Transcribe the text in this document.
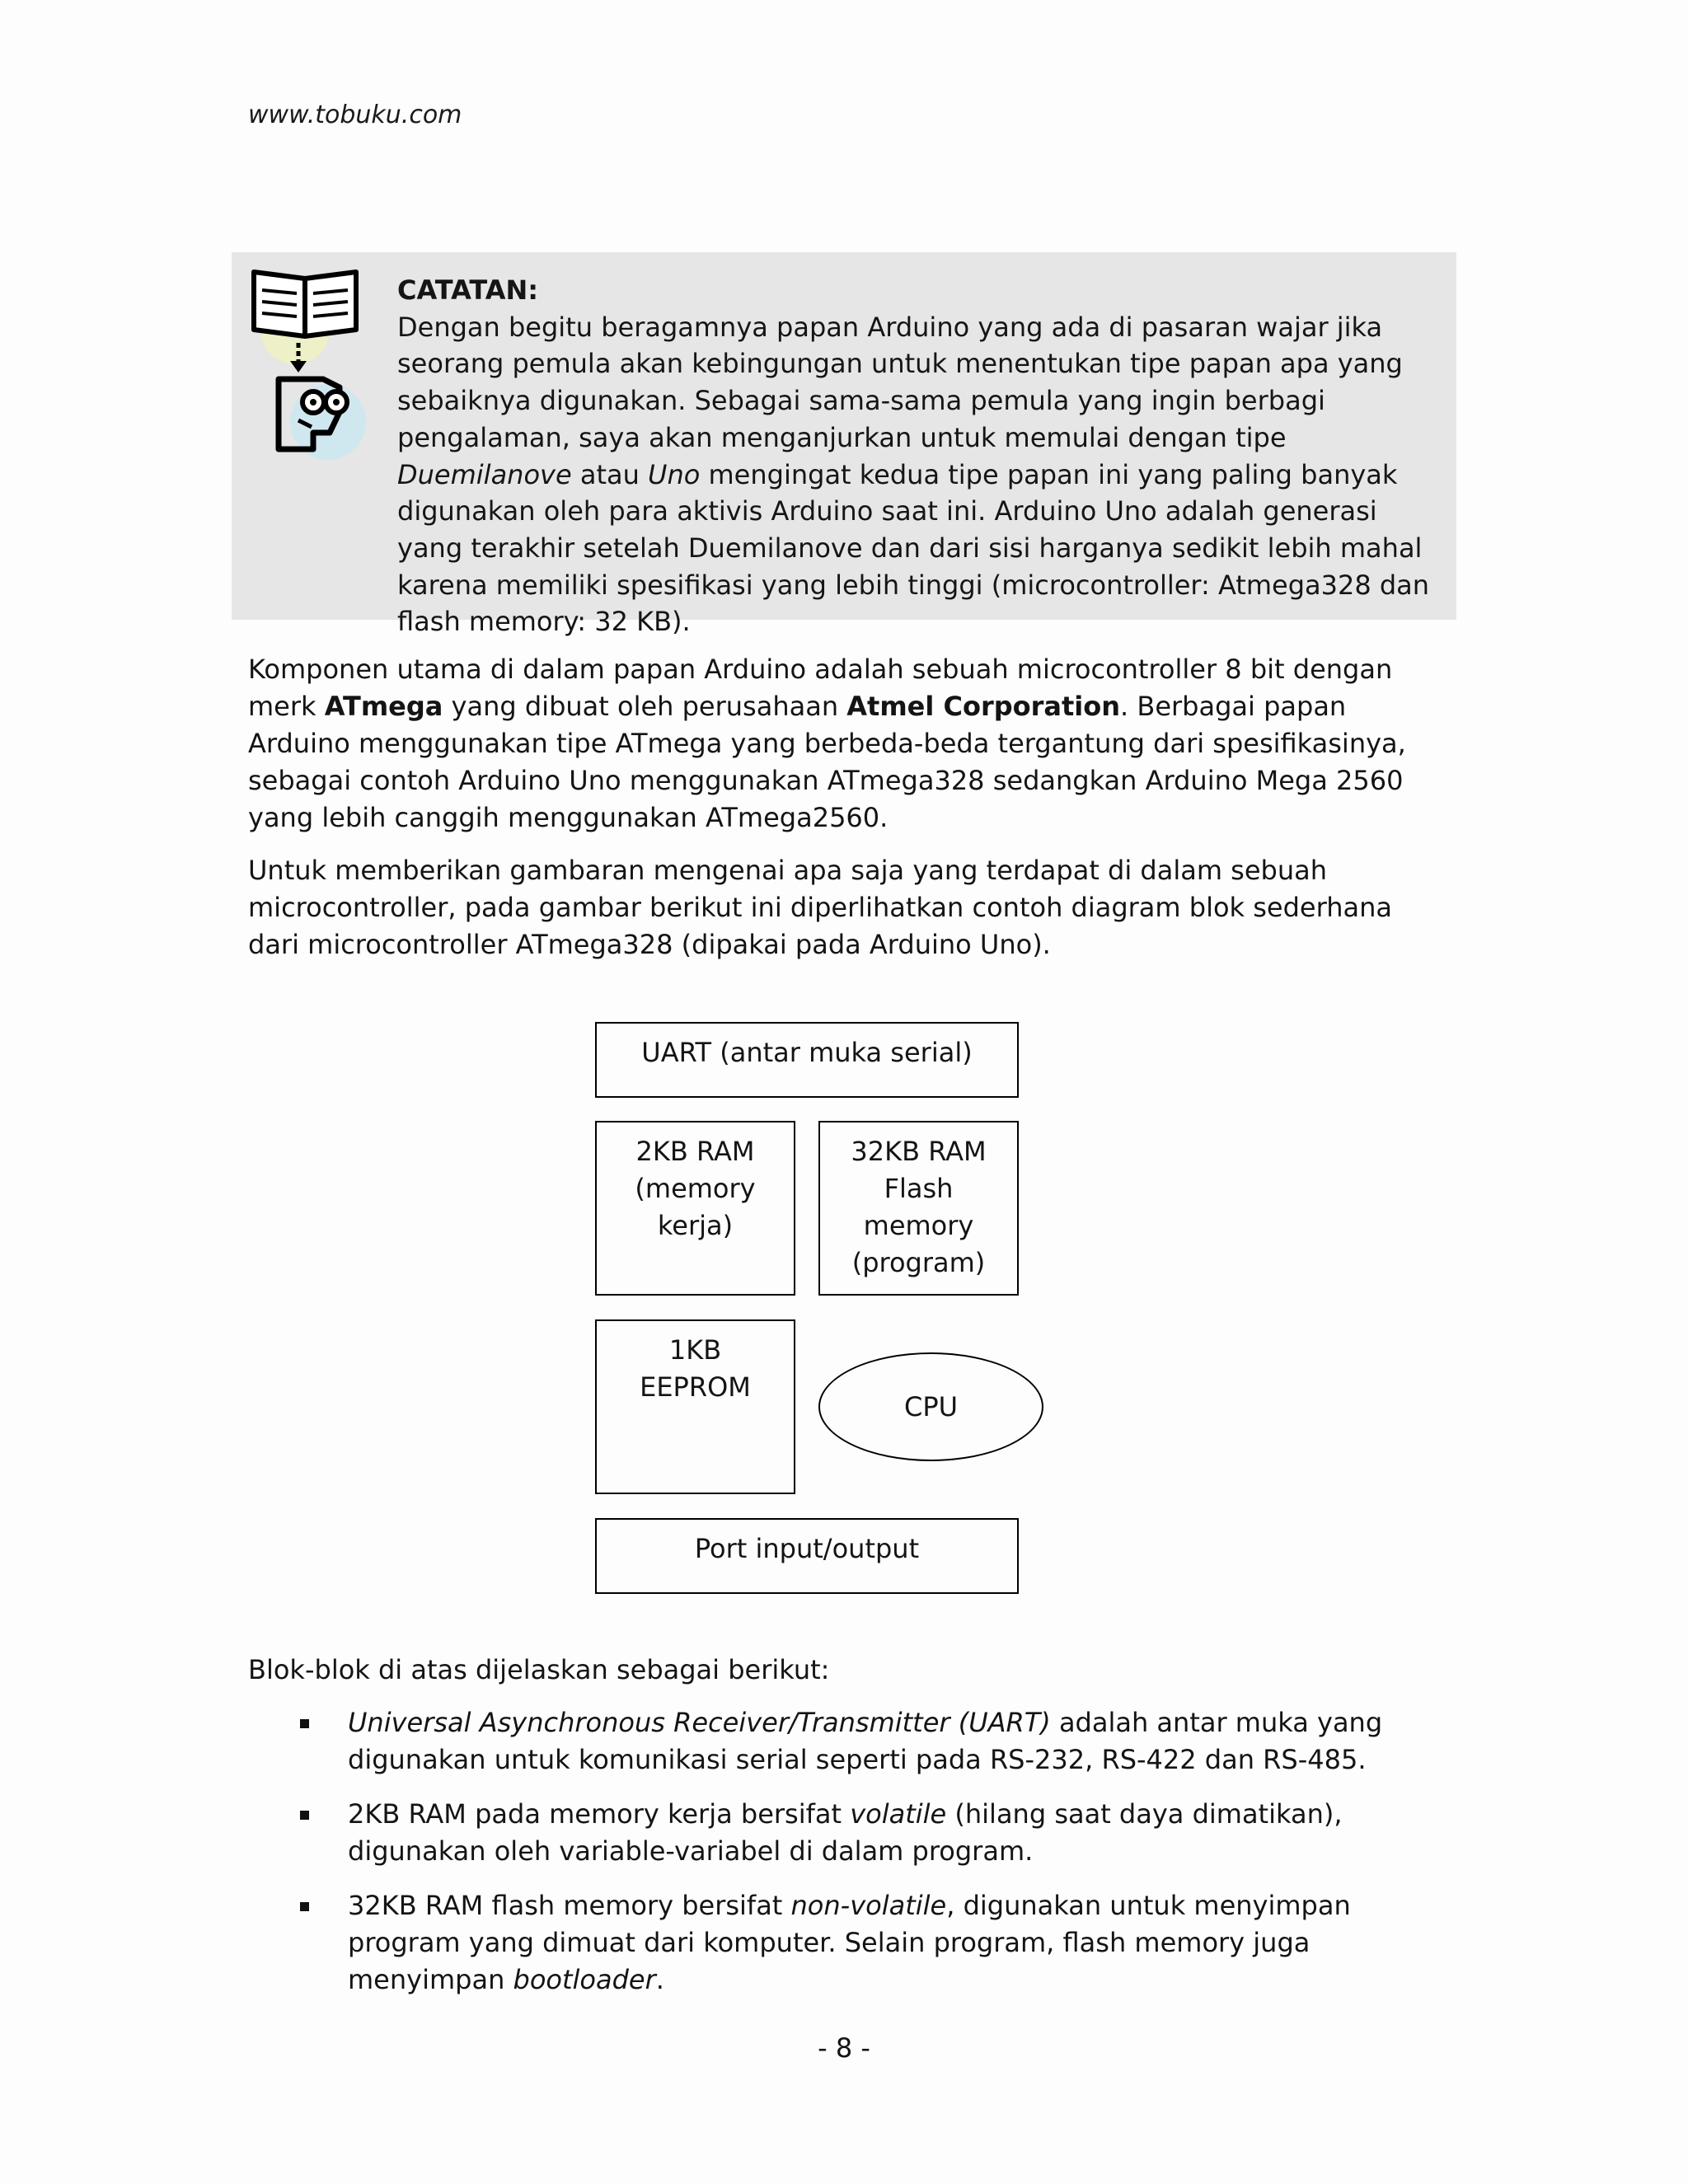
www.tobuku.com
CATATAN:
Dengan begitu beragamnya papan Arduino yang ada di pasaran wajar jika seorang pemula akan kebingungan untuk menentukan tipe papan apa yang sebaiknya digunakan. Sebagai sama-sama pemula yang ingin berbagi pengalaman, saya akan menganjurkan untuk memulai dengan tipe Duemilanove atau Uno mengingat kedua tipe papan ini yang paling banyak digunakan oleh para aktivis Arduino saat ini. Arduino Uno adalah generasi yang terakhir setelah Duemilanove dan dari sisi harganya sedikit lebih mahal karena memiliki spesifikasi yang lebih tinggi (microcontroller: Atmega328 dan flash memory: 32 KB).
Komponen utama di dalam papan Arduino adalah sebuah microcontroller 8 bit dengan merk ATmega yang dibuat oleh perusahaan Atmel Corporation. Berbagai papan Arduino menggunakan tipe ATmega yang berbeda-beda tergantung dari spesifikasinya, sebagai contoh Arduino Uno menggunakan ATmega328 sedangkan Arduino Mega 2560 yang lebih canggih menggunakan ATmega2560.
Untuk memberikan gambaran mengenai apa saja yang terdapat di dalam sebuah microcontroller, pada gambar berikut ini diperlihatkan contoh diagram blok sederhana dari microcontroller ATmega328 (dipakai pada Arduino Uno).
UART (antar muka serial)
2KB RAM
(memory
kerja)
32KB RAM
Flash
memory
(program)
1KB
EEPROM
CPU
Port input/output
Blok-blok di atas dijelaskan sebagai berikut:
Universal Asynchronous Receiver/Transmitter (UART) adalah antar muka yang digunakan untuk komunikasi serial seperti pada RS-232, RS-422 dan RS-485.
2KB RAM pada memory kerja bersifat volatile (hilang saat daya dimatikan), digunakan oleh variable-variabel di dalam program.
32KB RAM flash memory bersifat non-volatile, digunakan untuk menyimpan program yang dimuat dari komputer. Selain program, flash memory juga menyimpan bootloader.
- 8 -
